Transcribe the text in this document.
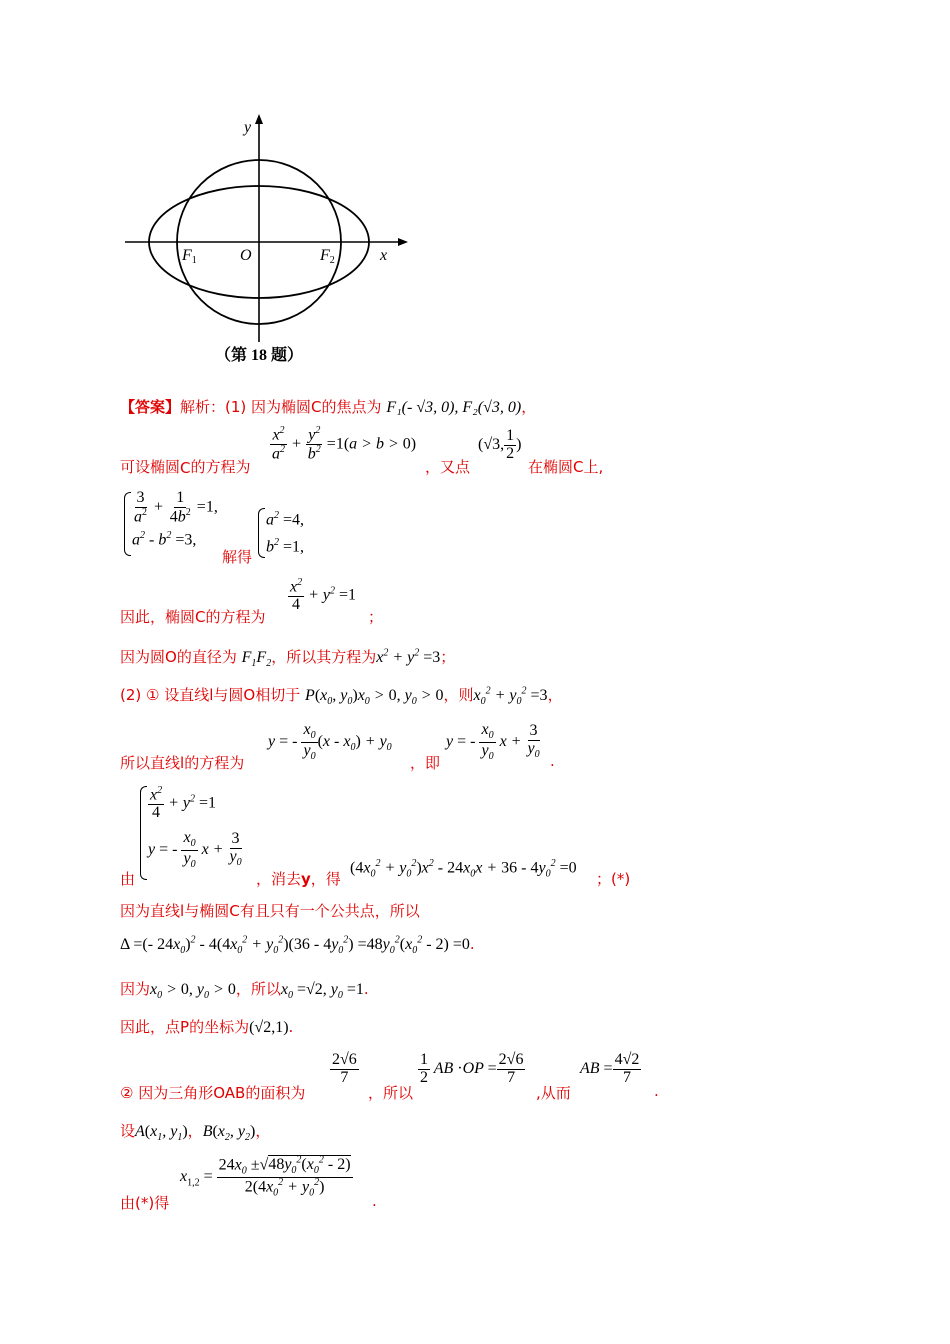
y
x
O
F1	F2
（第 18 题）
【答案】解析：(1) 因为椭圆C的焦点为 F₁(- √3, 0), F₂(√3, 0)，
可设椭圆C的方程为
$\frac{x^2}{a^2} + \frac{y^2}{b^2} =1(a > b > 0)$
，又点
(√3, $\frac{1}{2}$ )
在椭圆C上,
$\frac{3}{a^2} + \frac{1}{4b^2} =1$,
$a^2 - b^2 =3$,
解得
$a^2 =4$,
$b^2 =1$,
因此，椭圆C的方程为
$\frac{x^2}{4} + y^2 =1$
；
因为圆O的直径为 $F_1F_2$，所以其方程为$x^2 + y^2 =3$；
(2) ① 设直线l与圆O相切于 $P(x_0$, $y_0)x_0 > 0$, $y_0 > 0$，则$x_0^2 + y_0^2 =3$，
所以直线l的方程为
y = - $\frac{x_0}{y_0} (x - x_0) + y_0$
，即
y = - $\frac{x_0}{y_0}$ $x + \frac{3}{y_0}$
.
由
$\frac{x^2}{4} + y^2 =1$
y = - $\frac{x_0}{y_0}$ $x + \frac{3}{y_0}$
，消去y，得
$(4x_0^2 + y_0^2)x^2 - 24x_0x + 36 - 4y_0^2 =0$
；(*)
因为直线l与椭圆C有且只有一个公共点，所以
Δ =(- $24x_0)^2 - 4(4x_0^2 + y_0^2)(36 - 4y_0^2) =48y_0^2(x_0^2 - 2) =0$.
因为$x_0 > 0$, $y_0 > 0$，所以$x_0 =√2$, $y_0 =1$.
因此，点P的坐标为(√2,1).
② 因为三角形OAB的面积为
$\frac{2√6}{7}$
，所以
$\frac{1}{2}$ AB $\cdot OP = \frac{2√6}{7}$
,从而
AB = $\frac{4√2}{7}$
.
设$A(x_1$, $y_1$)，$B(x_2$, $y_2$)，
由(*)得
$x_{1,2} = \frac{24x_0 \pm√48y_0^2(x_0^2 - 2)}{2(4x_0^2 + y_0^2)}$
.
